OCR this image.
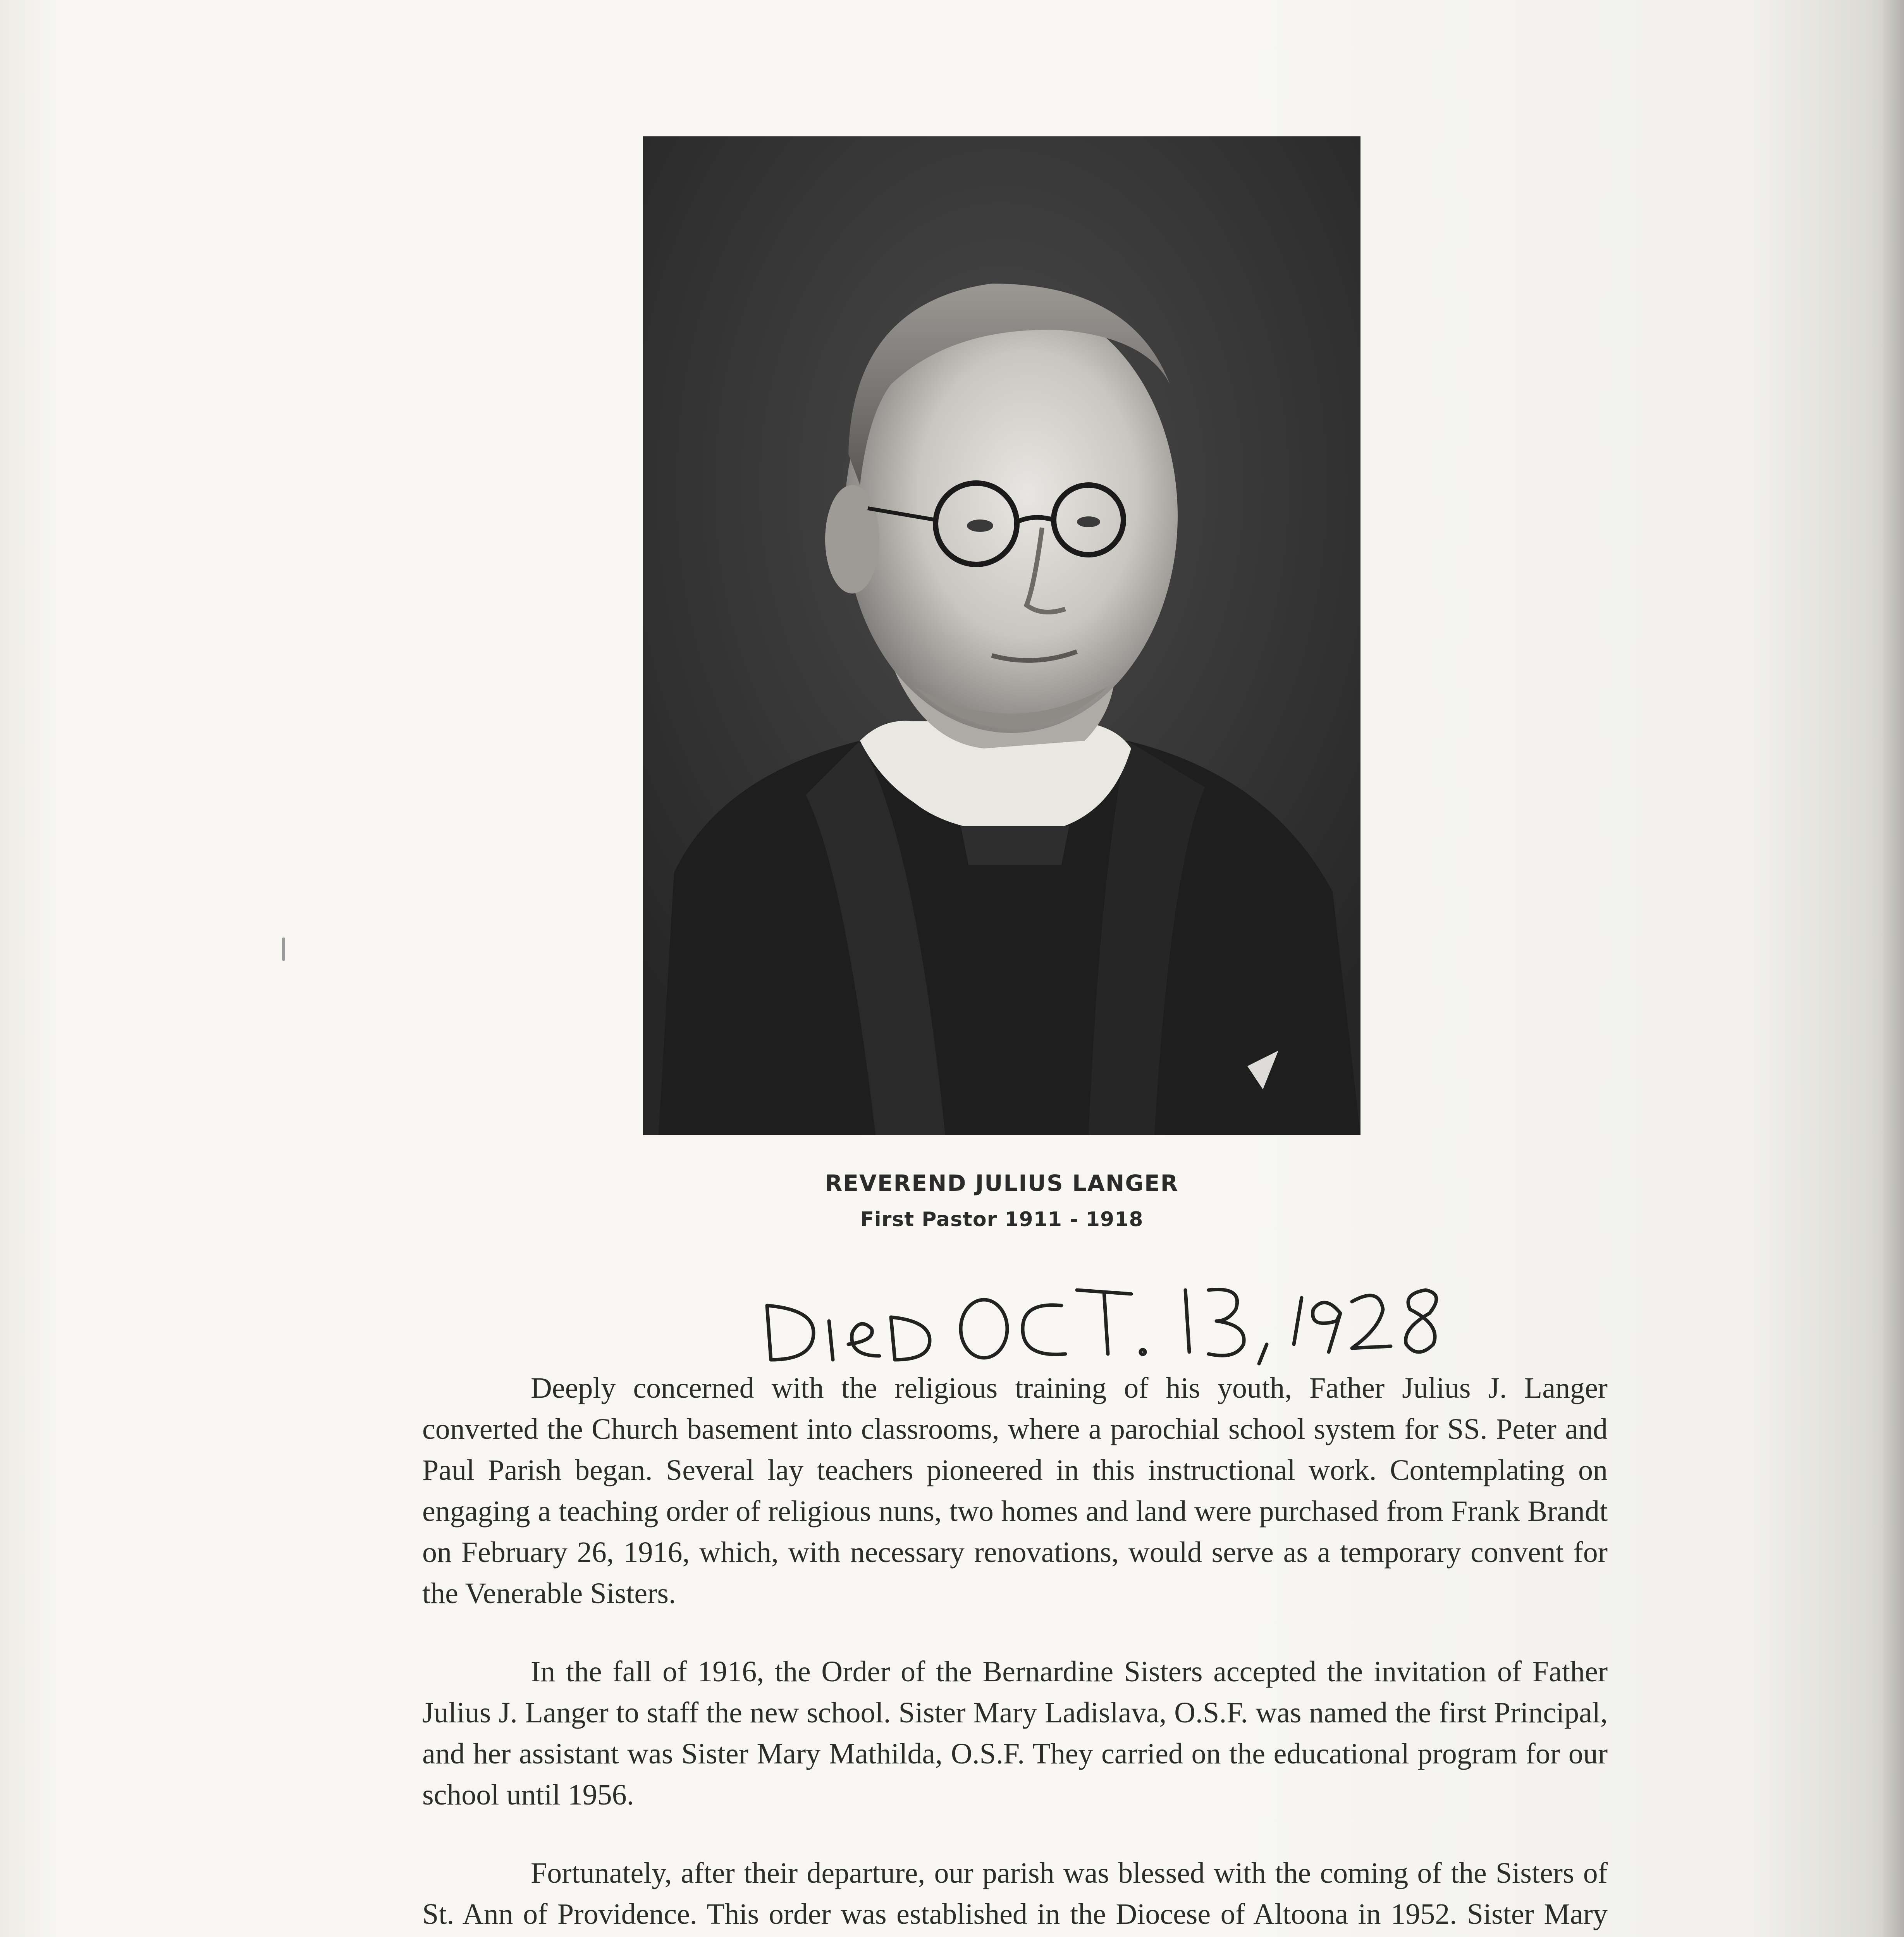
REVEREND JULIUS LANGER
First Pastor 1911 - 1918

Deeply concerned with the religious training of his youth, Father Julius J. Langer converted the Church basement into classrooms, where a parochial school system for SS. Peter and Paul Parish began. Several lay teachers pioneered in this instructional work. Contemplating on engaging a teaching order of religious nuns, two homes and land were purchased from Frank Brandt on February 26, 1916, which, with necessary renovations, would serve as a temporary convent for the Venerable Sisters.

In the fall of 1916, the Order of the Bernardine Sisters accepted the invitation of Father Julius J. Langer to staff the new school. Sister Mary Ladislava, O.S.F. was named the first Principal, and her assistant was Sister Mary Mathilda, O.S.F. They carried on the educational program for our school until 1956.

Fortunately, after their departure, our parish was blessed with the coming of the Sisters of St. Ann of Providence. This order was established in the Diocese of Altoona in 1952. Sister Mary
